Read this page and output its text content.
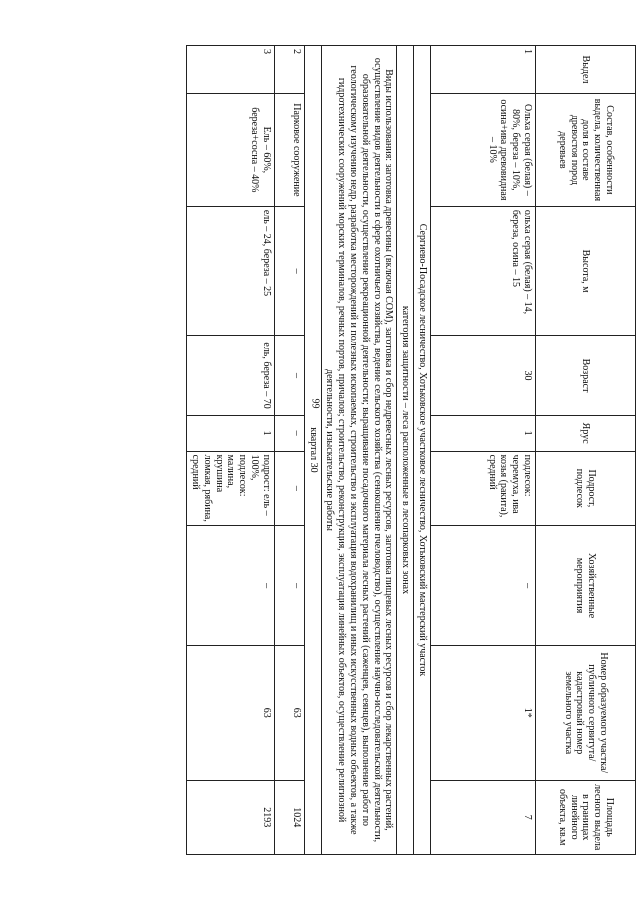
99
Выдел	Состав, особенности выдела, количественная доля в составе древостоя пород деревьев	Высота, м	Возраст	Ярус	Подрост, подлесок	Хозяйственные мероприятия	Номер образуемого участка/ публичного сервитута/ кадастровый номер земельного участка	Площадь лесного выдела в границах линейного объекта, кв.м
1	Ольха серая (белая) – 80%, береза – 10%, осина+ива древовидная – 10%	ольха серая (белая) – 14, береза, осина – 15	30	1	подлесок: черемуха, ива козья (ракита), средний	–	1*	7
Сергиево-Посадское лесничество, Хотьковское участковое лесничество, Хотьковский мастерский участок								
категория защитности – леса расположенные в лесопарковых зонах								
Виды использования: заготовка древесины (включая СОМ), заготовка и сбор недревесных лесных ресурсов, заготовка пищевых лесных ресурсов и сбор лекарственных растений, осуществление видов деятельности в сфере охотничьего хозяйства, ведение сельского хозяйства (сенокошение пчеловодство), осуществление научно-исследовательской деятельности, образовательной деятельности, осуществление рекреационной деятельности; выращивание посадочного материала лесных растений (саженцев, сеянцев), выполнение работ по геологическому изучению недр, разработка месторождений и полезных ископаемых, строительство и эксплуатация водохранилищ и иных искусственных водных объектов, а также гидротехнических сооружений морских терминалов, речных портов, причалов; строительство, реконструкция, эксплуатация линейных объектов, осуществление религиозной деятельности, изыскательские работы								
квартал 30								
2	Парковое сооружение	–	–	–	–	–	63	1024
3	Ель – 60%, береза+сосна – 40%	ель – 24, береза – 25	ель, береза – 70	1	подрост: ель – 100%, подлесок: малина, крушина ломкая, рябина, средний	–	63	2193
